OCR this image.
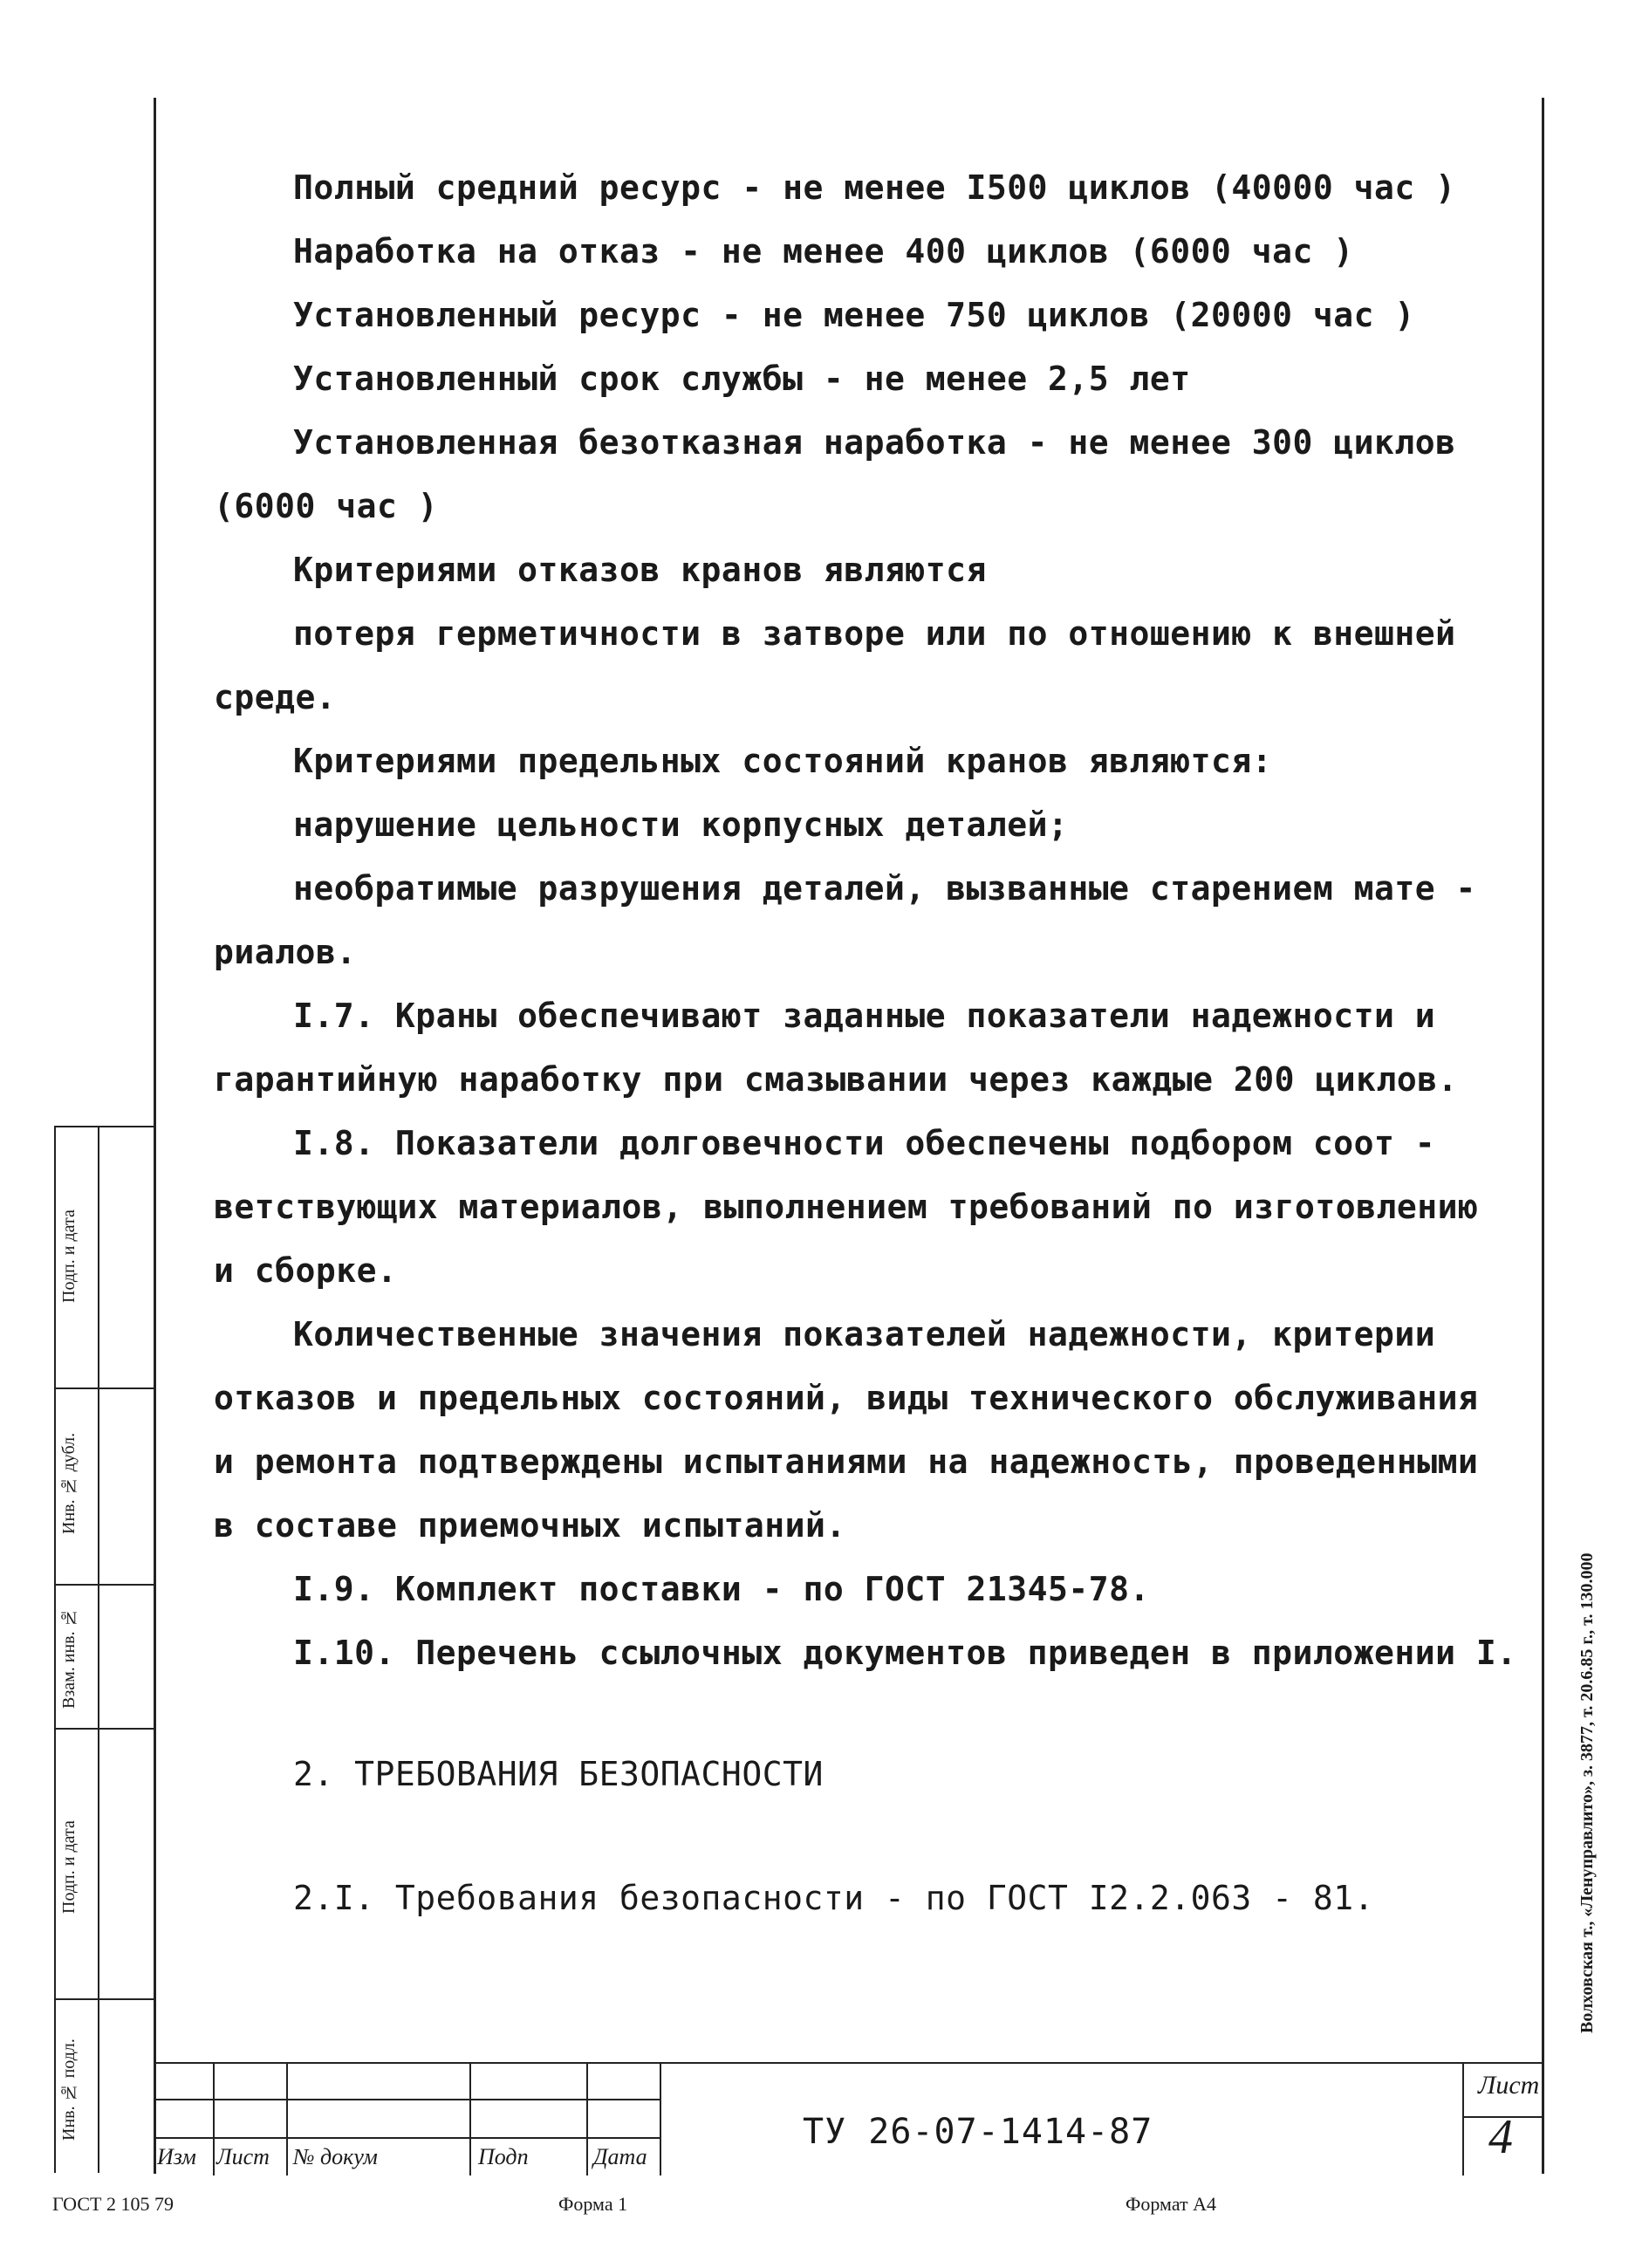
Полный средний ресурс - не менее I500 циклов (40000 час )
Наработка на отказ - не менее 400 циклов (6000 час )
Установленный ресурс - не менее 750 циклов (20000 час )
Установленный срок службы - не менее 2,5 лет
Установленная безотказная наработка - не менее 300 циклов
(6000 час )
Критериями отказов кранов являются
потеря герметичности в затворе или по отношению к внешней
среде.
Критериями предельных состояний кранов являются:
нарушение цельности корпусных деталей;
необратимые разрушения деталей, вызванные старением мате -
риалов.
I.7. Краны обеспечивают заданные показатели надежности и
гарантийную наработку при смазывании через каждые 200 циклов.
I.8. Показатели долговечности обеспечены подбором соот -
ветствующих материалов, выполнением требований по изготовлению
и сборке.
Количественные значения показателей надежности, критерии
отказов и предельных состояний, виды технического обслуживания
и ремонта подтверждены испытаниями на надежность, проведенными
в составе приемочных испытаний.
I.9. Комплект поставки - по ГОСТ 21345-78.
I.10. Перечень ссылочных документов приведен в приложении I.
2. ТРЕБОВАНИЯ БЕЗОПАСНОСТИ
2.I. Требования безопасности - по ГОСТ I2.2.063 - 81.
Подп. и дата
Инв. № дубл.
Взам. инв. №
Подп. и дата
Инв. № подл.
Изм Лист № докум	Подп	Дата
ТУ 26-07-1414-87
Лист
4
ГОСТ 2 105 79	Форма 1	Формат А4
Волховская т., «Ленуправлито», з. 3877, т. 20.6.85 г., т. 130.000
